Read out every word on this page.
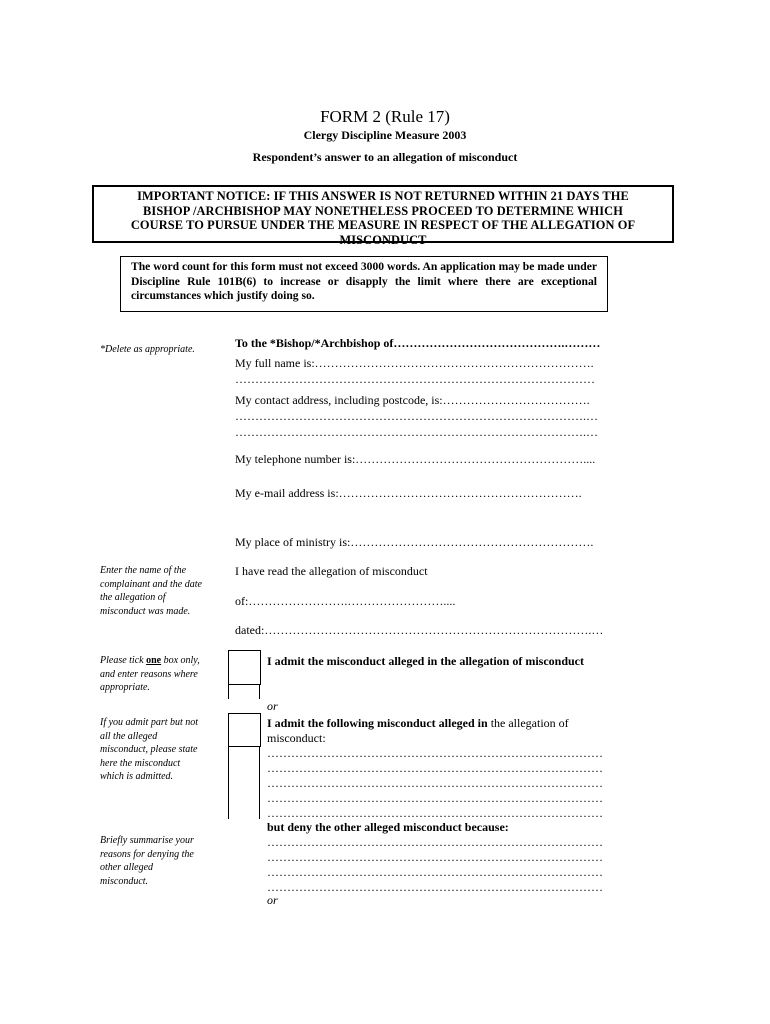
FORM 2 (Rule 17)
Clergy Discipline Measure 2003
Respondent’s answer to an allegation of misconduct
IMPORTANT NOTICE: IF THIS ANSWER IS NOT RETURNED WITHIN 21 DAYS THE
BISHOP /ARCHBISHOP MAY NONETHELESS PROCEED TO DETERMINE WHICH
COURSE TO PURSUE UNDER THE MEASURE IN RESPECT OF THE ALLEGATION OF
MISCONDUCT
The word count for this form must not exceed 3000 words. An application may be made under Discipline Rule 101B(6) to increase or disapply the limit where there are exceptional circumstances which justify doing so.
*Delete as appropriate.
Enter the name of the
complainant and the date
the allegation of
misconduct was made.
Please tick one box only,
and enter reasons where
appropriate.
If you admit part but not
all the alleged
misconduct, please state
here the misconduct
which is admitted.
Briefly summarise your
reasons for denying the
other alleged
misconduct.
To the *Bishop/*Archbishop of…………………………………….………
My full name is:…………………………………………………………….
………………………………………………………………………………
My contact address, including postcode, is:……………………………….
…………………………………………………………………………….…
…………………………………………………………………………….…
My telephone number is:…………………………………………………....
My e-mail address is:…………………………………………………….
My place of ministry is:…………………………………………………….
I have read the allegation of misconduct
of:…………………….……………………....
dated:……………………………………………………………………….…
I admit the misconduct alleged in the allegation of misconduct
or
I admit the following misconduct alleged in the allegation of
misconduct:
…………………………………………………………………………
…………………………………………………………………………
…………………………………………………………………………
…………………………………………………………………………
…………………………………………………………………………
but deny the other alleged misconduct because:
…………………………………………………………………………
…………………………………………………………………………
…………………………………………………………………………
…………………………………………………………………………
or
